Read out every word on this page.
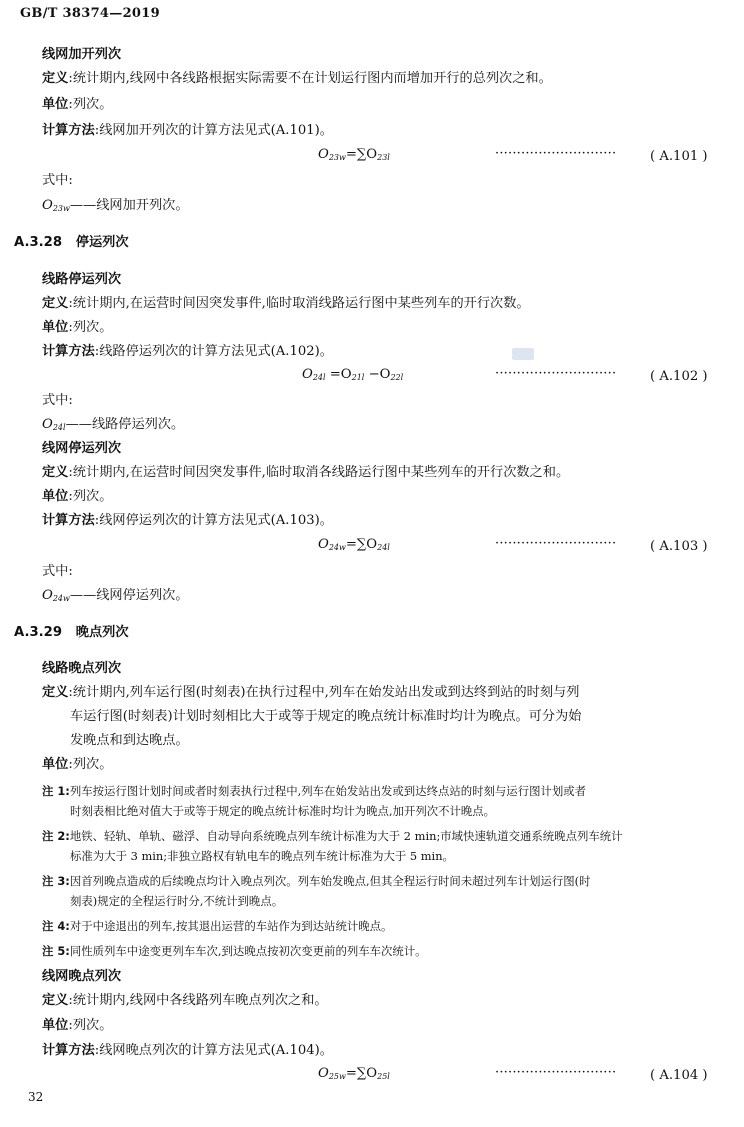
GB/T 38374—2019
线网加开列次
定义:统计期内,线网中各线路根据实际需要不在计划运行图内而增加开行的总列次之和。
单位:列次。
计算方法:线网加开列次的计算方法见式(A.101)。
$O_{23w}=\sum O_{23l}$	····························	( A.101 )
式中:
$O_{23w}——$线网加开列次。
A.3.28 停运列次
线路停运列次
定义:统计期内,在运营时间因突发事件,临时取消线路运行图中某些列车的开行次数。
单位:列次。
计算方法:线路停运列次的计算方法见式(A.102)。
$O_{24l} =O_{21l} -O_{22l}$	····························	( A.102 )
式中:
$O_{24l}——$线路停运列次。
线网停运列次
定义:统计期内,在运营时间因突发事件,临时取消各线路运行图中某些列车的开行次数之和。
单位:列次。
计算方法:线网停运列次的计算方法见式(A.103)。
$O_{24w}=\sum O_{24l}$	····························	( A.103 )
式中:
$O_{24w}——$线网停运列次。
A.3.29 晚点列次
线路晚点列次
定义:统计期内,列车运行图(时刻表)在执行过程中,列车在始发站出发或到达终到站的时刻与列
车运行图(时刻表)计划时刻相比大于或等于规定的晚点统计标准时均计为晚点。可分为始
发晚点和到达晚点。
单位:列次。
注 1:列车按运行图计划时间或者时刻表执行过程中,列车在始发站出发或到达终点站的时刻与运行图计划或者
时刻表相比绝对值大于或等于规定的晚点统计标准时均计为晚点,加开列次不计晚点。
注 2:地铁、轻轨、单轨、磁浮、自动导向系统晚点列车统计标准为大于 2 min;市域快速轨道交通系统晚点列车统计
标准为大于 3 min;非独立路权有轨电车的晚点列车统计标准为大于 5 min。
注 3:因首列晚点造成的后续晚点均计入晚点列次。列车始发晚点,但其全程运行时间未超过列车计划运行图(时
刻表)规定的全程运行时分,不统计到晚点。
注 4:对于中途退出的列车,按其退出运营的车站作为到达站统计晚点。
注 5:同性质列车中途变更列车车次,到达晚点按初次变更前的列车车次统计。
线网晚点列次
定义:统计期内,线网中各线路列车晚点列次之和。
单位:列次。
计算方法:线网晚点列次的计算方法见式(A.104)。
$O_{25w}=\sum O_{25l}$	····························	( A.104 )
32
